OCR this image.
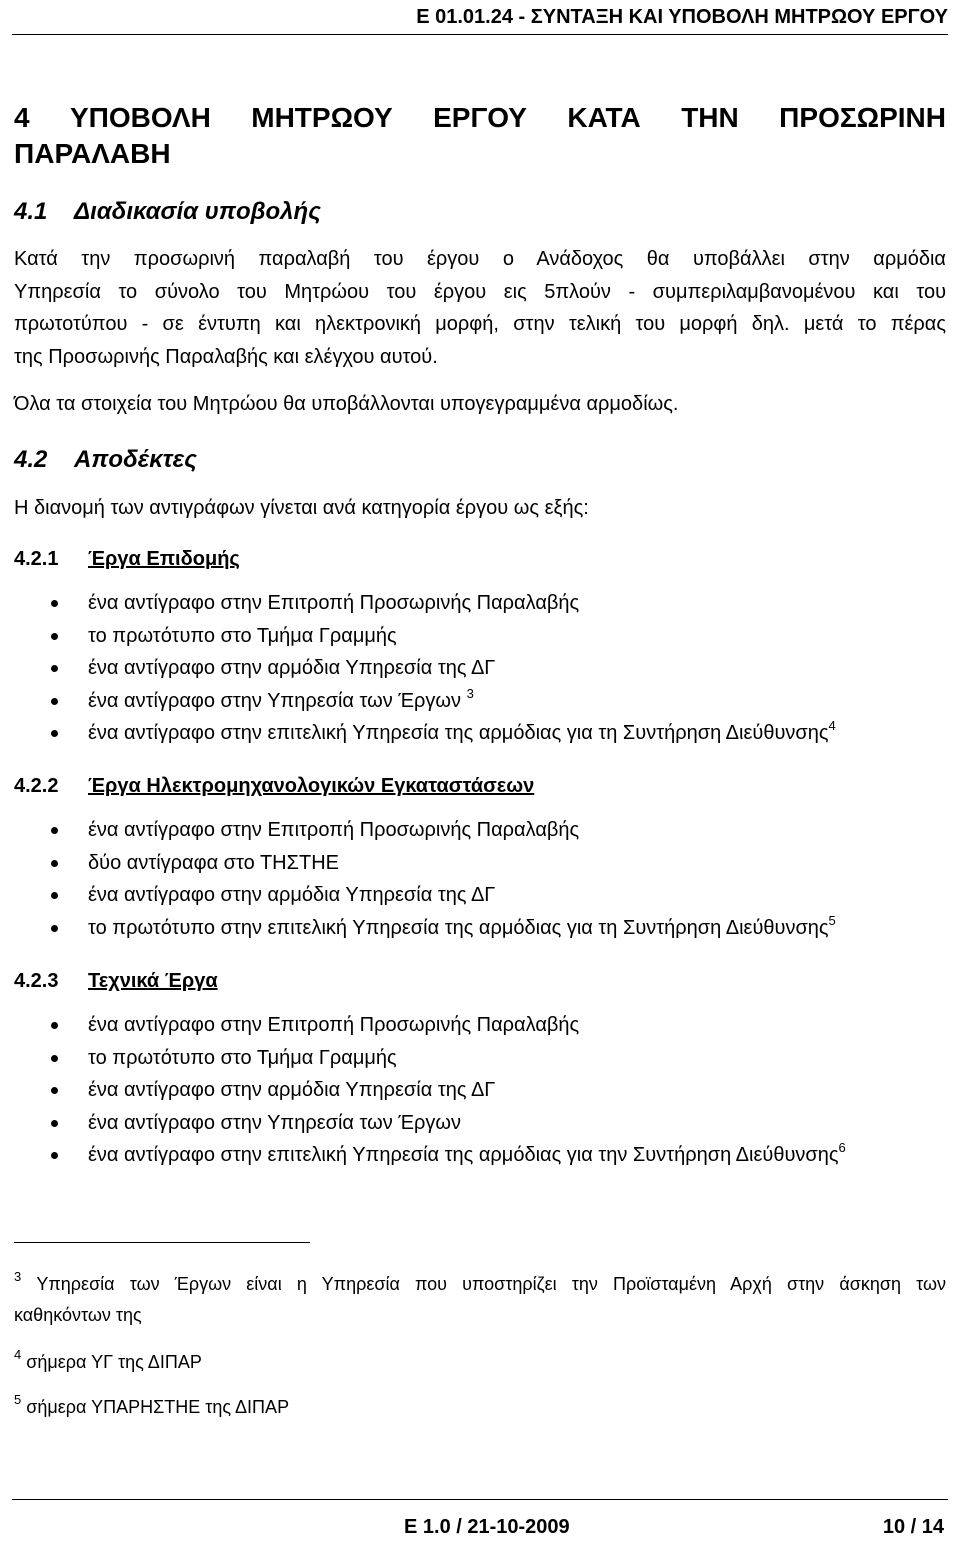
Ε 01.01.24 - ΣΥΝΤΑΞΗ ΚΑΙ ΥΠΟΒΟΛΗ ΜΗΤΡΩΟΥ ΕΡΓΟΥ
4 ΥΠΟΒΟΛΗ ΜΗΤΡΩΟΥ ΕΡΓΟΥ ΚΑΤΑ ΤΗΝ ΠΡΟΣΩΡΙΝΗ
ΠΑΡΑΛΑΒΗ
4.1 Διαδικασία υποβολής
Κατά την προσωρινή παραλαβή του έργου ο Ανάδοχος θα υποβάλλει στην αρμόδια
Υπηρεσία το σύνολο του Μητρώου του έργου εις 5πλούν - συμπεριλαμβανομένου και του
πρωτοτύπου - σε έντυπη και ηλεκτρονική μορφή, στην τελική του μορφή δηλ. μετά το πέρας
της Προσωρινής Παραλαβής και ελέγχου αυτού.
Όλα τα στοιχεία του Μητρώου θα υποβάλλονται υπογεγραμμένα αρμοδίως.
4.2 Αποδέκτες
Η διανομή των αντιγράφων γίνεται ανά κατηγορία έργου ως εξής:
4.2.1 Έργα Επιδομής
ένα αντίγραφο στην Επιτροπή Προσωρινής Παραλαβής
το πρωτότυπο στο Τμήμα Γραμμής
ένα αντίγραφο στην αρμόδια Υπηρεσία της ΔΓ
ένα αντίγραφο στην Υπηρεσία των Έργων $^3$
ένα αντίγραφο στην επιτελική Υπηρεσία της αρμόδιας για τη Συντήρηση Διεύθυνσης$^4$
4.2.2 Έργα Ηλεκτρομηχανολογικών Εγκαταστάσεων
ένα αντίγραφο στην Επιτροπή Προσωρινής Παραλαβής
δύο αντίγραφα στο ΤΗΣΤΗΕ
ένα αντίγραφο στην αρμόδια Υπηρεσία της ΔΓ
το πρωτότυπο στην επιτελική Υπηρεσία της αρμόδιας για τη Συντήρηση Διεύθυνσης$^5$
4.2.3 Τεχνικά Έργα
ένα αντίγραφο στην Επιτροπή Προσωρινής Παραλαβής
το πρωτότυπο στο Τμήμα Γραμμής
ένα αντίγραφο στην αρμόδια Υπηρεσία της ΔΓ
ένα αντίγραφο στην Υπηρεσία των Έργων
ένα αντίγραφο στην επιτελική Υπηρεσία της αρμόδιας για την Συντήρηση Διεύθυνσης$^6$
$^3$ Υπηρεσία των Έργων είναι η Υπηρεσία που υποστηρίζει την Προϊσταμένη Αρχή στην άσκηση των
καθηκόντων της
$^4$ σήμερα ΥΓ της ΔΙΠΑΡ
$^5$ σήμερα ΥΠΑΡΗΣΤΗΕ της ΔΙΠΑΡ
Ε 1.0 / 21-10-2009	10 / 14
